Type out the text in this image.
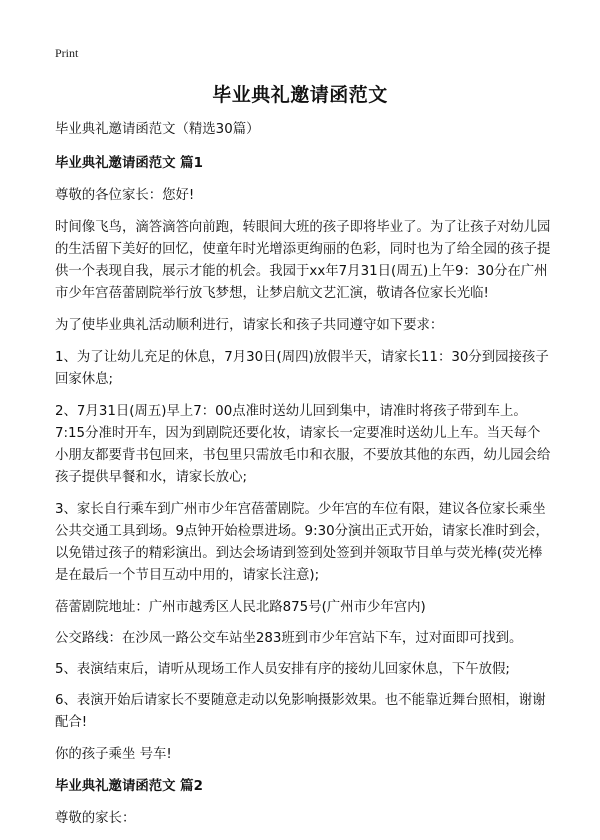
Print
毕业典礼邀请函范文

毕业典礼邀请函范文（精选30篇）

毕业典礼邀请函范文 篇1

尊敬的各位家长：您好!

时间像飞鸟，滴答滴答向前跑，转眼间大班的孩子即将毕业了。为了让孩子对幼儿园的生活留下美好的回忆，使童年时光增添更绚丽的色彩，同时也为了给全园的孩子提供一个表现自我，展示才能的机会。我园于xx年7月31日(周五)上午9：30分在广州市少年宫蓓蕾剧院举行放飞梦想，让梦启航文艺汇演，敬请各位家长光临!

为了使毕业典礼活动顺利进行，请家长和孩子共同遵守如下要求：

1、为了让幼儿充足的休息，7月30日(周四)放假半天，请家长11：30分到园接孩子回家休息;

2、7月31日(周五)早上7：00点准时送幼儿回到集中，请准时将孩子带到车上。7:15分准时开车，因为到剧院还要化妆，请家长一定要准时送幼儿上车。当天每个小朋友都要背书包回来，书包里只需放毛巾和衣服，不要放其他的东西，幼儿园会给孩子提供早餐和水，请家长放心;

3、家长自行乘车到广州市少年宫蓓蕾剧院。少年宫的车位有限，建议各位家长乘坐公共交通工具到场。9点钟开始检票进场。9:30分演出正式开始，请家长准时到会，以免错过孩子的精彩演出。到达会场请到签到处签到并领取节目单与荧光棒(荧光棒是在最后一个节目互动中用的，请家长注意);

蓓蕾剧院地址：广州市越秀区人民北路875号(广州市少年宫内)

公交路线：在沙凤一路公交车站坐283班到市少年宫站下车，过对面即可找到。

5、表演结束后，请听从现场工作人员安排有序的接幼儿回家休息，下午放假;

6、表演开始后请家长不要随意走动以免影响摄影效果。也不能靠近舞台照相，谢谢配合!

你的孩子乘坐 号车!

毕业典礼邀请函范文 篇2

尊敬的家长：
